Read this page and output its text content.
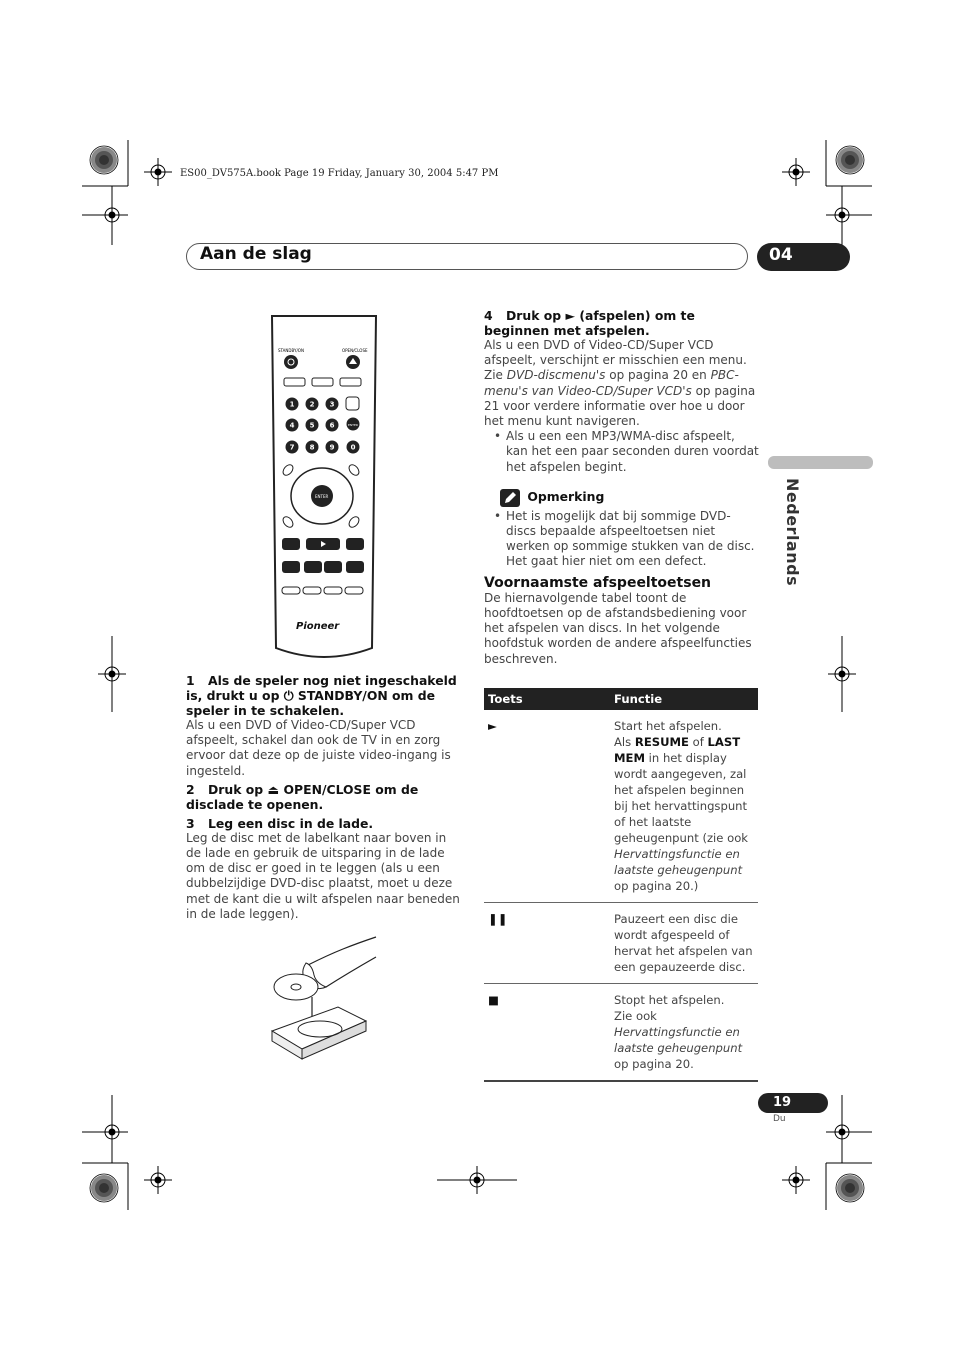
ES00_DV575A.book Page 19 Friday, January 30, 2004 5:47 PM
Aan de slag	04
Nederlands
STANDBY/ON	OPEN/CLOSE
1 2 3
4 5 6
7 8 9 0
ENTER
ENTER
Pioneer
1 Als de speler nog niet ingeschakeld is, drukt u op ⏻ STANDBY/ON om de speler in te schakelen.

Als u een DVD of Video-CD/Super VCD afspeelt, schakel dan ook de TV in en zorg ervoor dat deze op de juiste video-ingang is ingesteld.

2 Druk op ⏏ OPEN/CLOSE om de disclade te openen.
3 Leg een disc in de lade.

Leg de disc met de labelkant naar boven in de lade en gebruik de uitsparing in de lade om de disc er goed in te leggen (als u een dubbelzijdige DVD-disc plaatst, moet u deze met de kant die u wilt afspelen naar beneden in de lade leggen).

4 Druk op ► (afspelen) om te beginnen met afspelen.

Als u een DVD of Video-CD/Super VCD afspeelt, verschijnt er misschien een menu. Zie DVD-discmenu's op pagina 20 en PBC-menu's van Video-CD/Super VCD's op pagina 21 voor verdere informatie over hoe u door het menu kunt navigeren.

• Als u een een MP3/WMA-disc afspeelt, kan het een paar seconden duren voordat het afspelen begint.
Opmerking
• Het is mogelijk dat bij sommige DVD-discs bepaalde afspeeltoetsen niet werken op sommige stukken van de disc. Het gaat hier niet om een defect.
Voornaamste afspeeltoetsen

De hiernavolgende tabel toont de hoofdtoetsen op de afstandsbediening voor het afspelen van discs. In het volgende hoofdstuk worden de andere afspeelfuncties beschreven.

Toets	Functie
►	Start het afspelen.
Als RESUME of LAST MEM in het display wordt aangegeven, zal het afspelen beginnen bij het hervattingspunt of het laatste geheugenpunt (zie ook Hervattingsfunctie en laatste geheugenpunt op pagina 20.)
❚❚	Pauzeert een disc die wordt afgespeeld of hervat het afspelen van een gepauzeerde disc.
■	Stopt het afspelen.
Zie ook Hervattingsfunctie en laatste geheugenpunt op pagina 20.
19
Du
